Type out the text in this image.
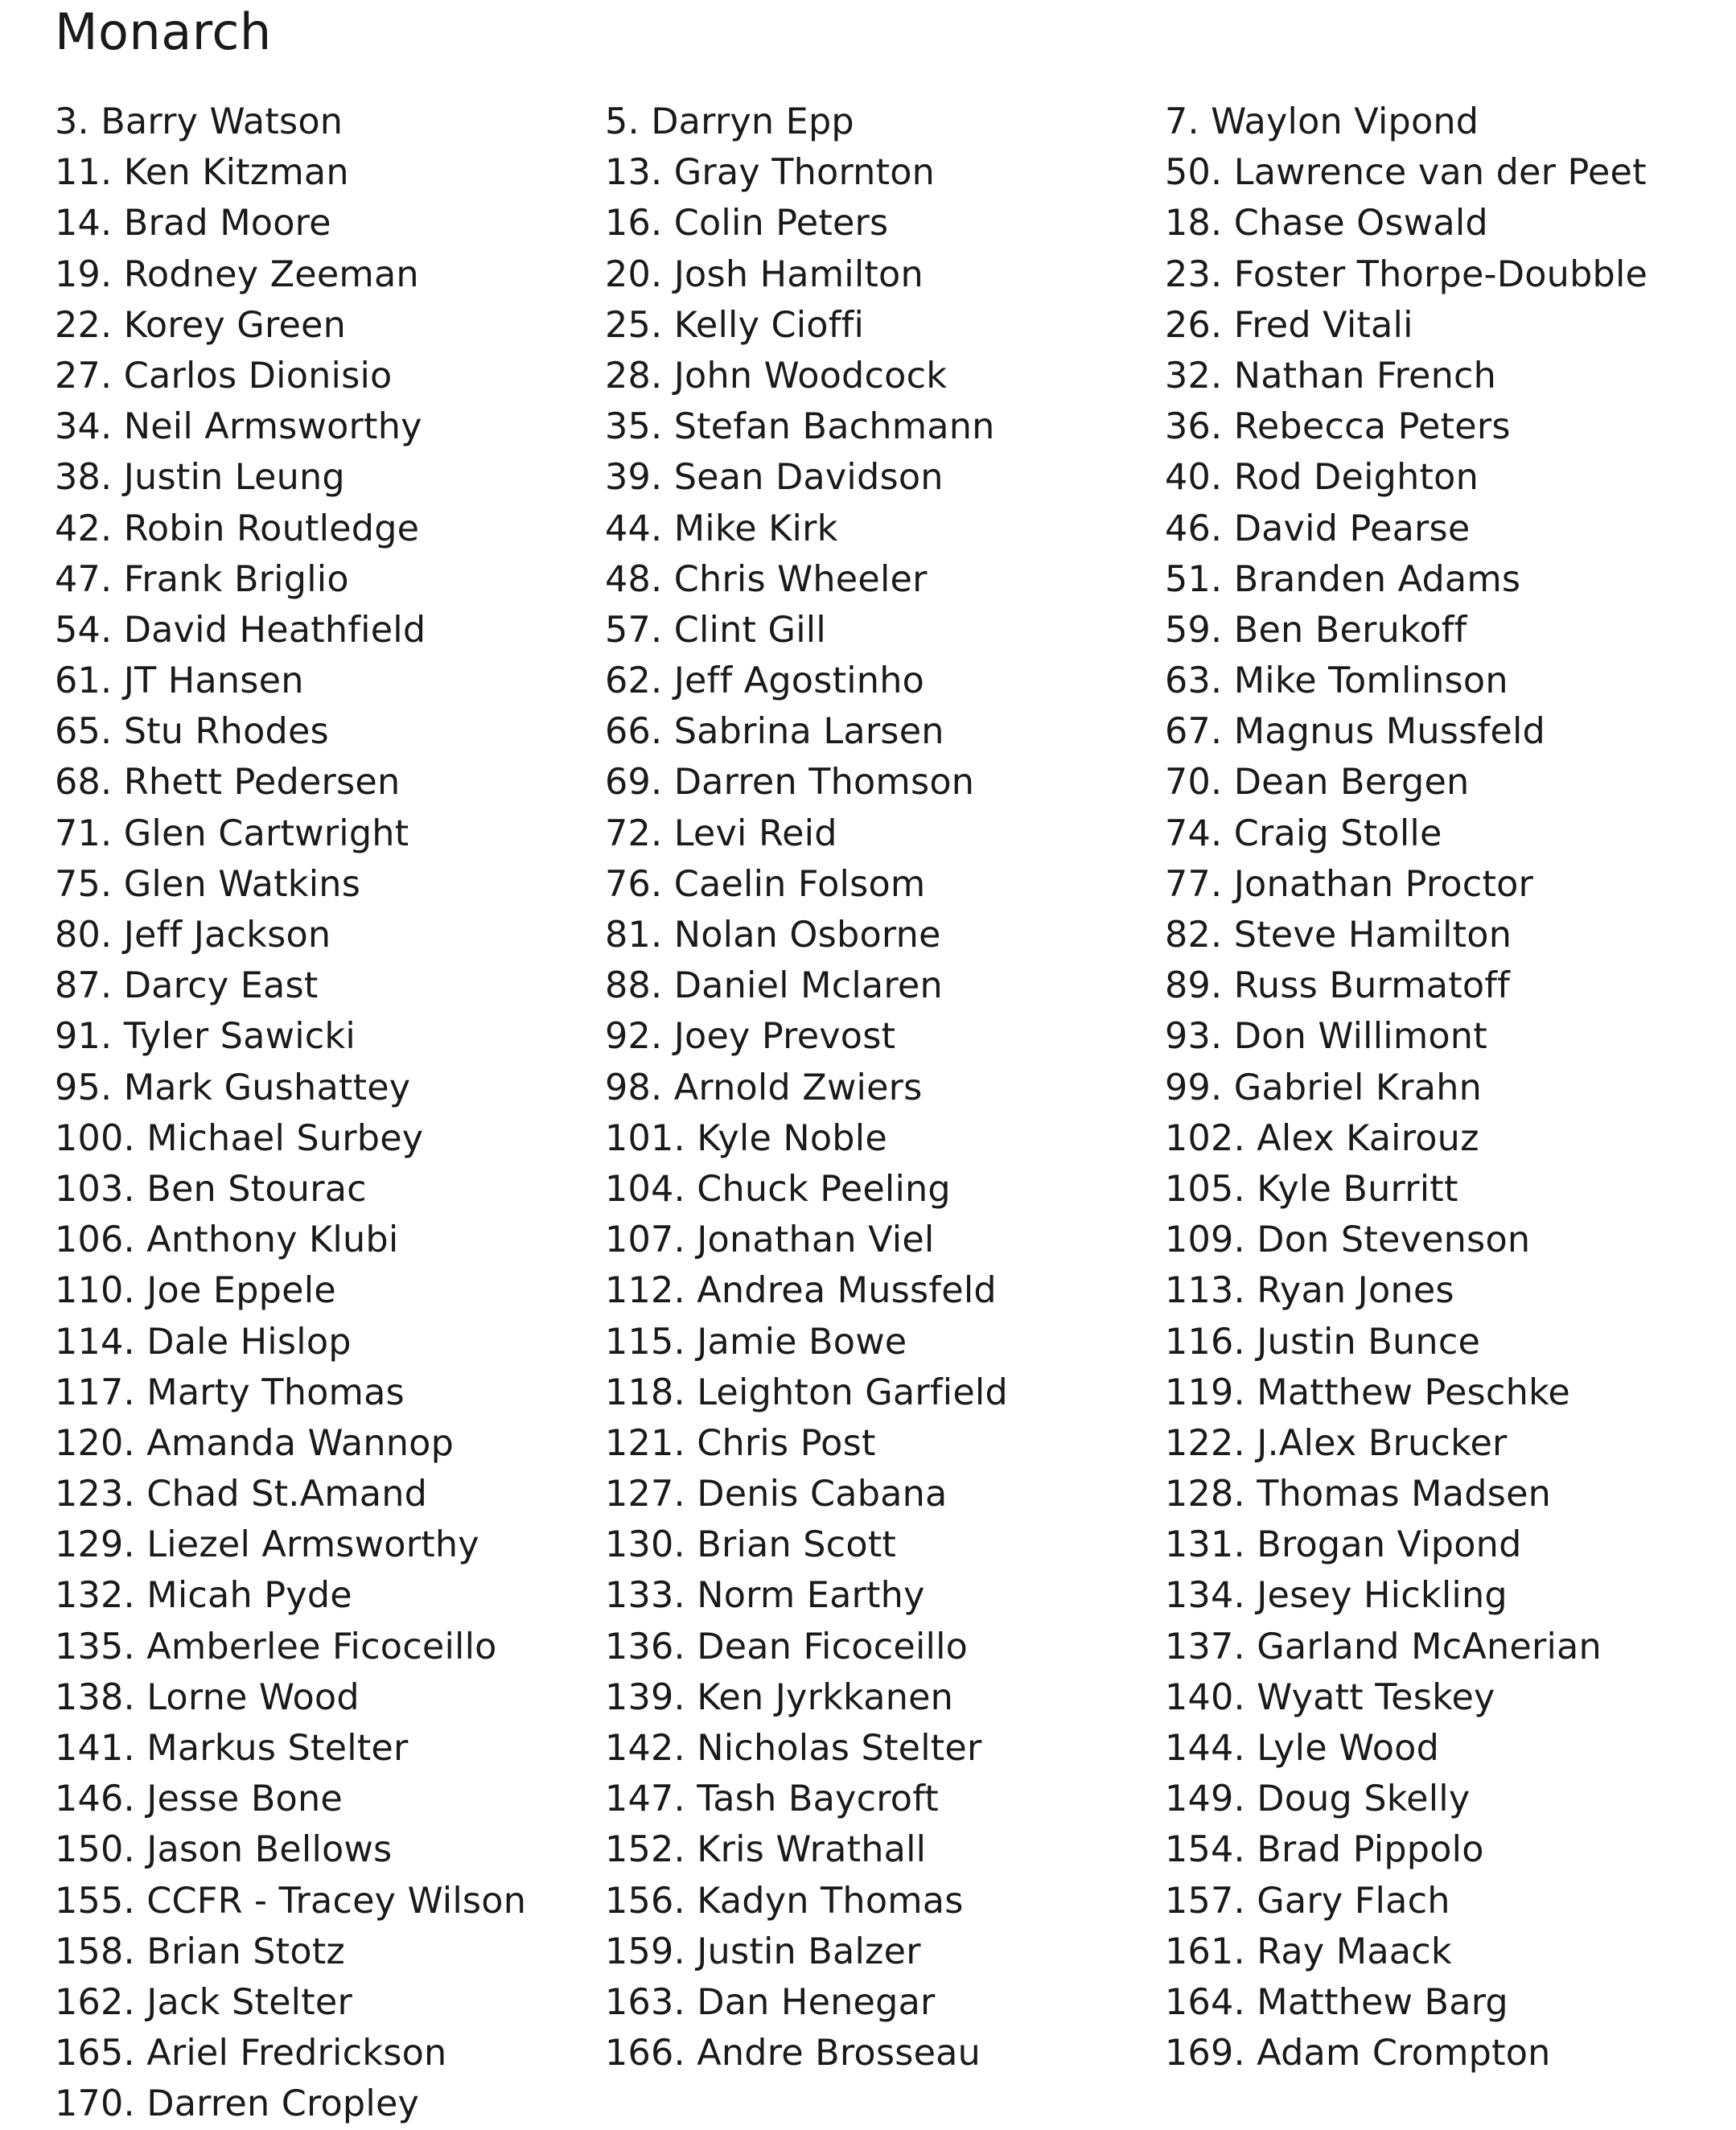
Monarch
3. Barry Watson
11. Ken Kitzman
14. Brad Moore
19. Rodney Zeeman
22. Korey Green
27. Carlos Dionisio
34. Neil Armsworthy
38. Justin Leung
42. Robin Routledge
47. Frank Briglio
54. David Heathfield
61. JT Hansen
65. Stu Rhodes
68. Rhett Pedersen
71. Glen Cartwright
75. Glen Watkins
80. Jeff Jackson
87. Darcy East
91. Tyler Sawicki
95. Mark Gushattey
100. Michael Surbey
103. Ben Stourac
106. Anthony Klubi
110. Joe Eppele
114. Dale Hislop
117. Marty Thomas
120. Amanda Wannop
123. Chad St.Amand
129. Liezel Armsworthy
132. Micah Pyde
135. Amberlee Ficoceillo
138. Lorne Wood
141. Markus Stelter
146. Jesse Bone
150. Jason Bellows
155. CCFR - Tracey Wilson
158. Brian Stotz
162. Jack Stelter
165. Ariel Fredrickson
170. Darren Cropley
5. Darryn Epp
13. Gray Thornton
16. Colin Peters
20. Josh Hamilton
25. Kelly Cioffi
28. John Woodcock
35. Stefan Bachmann
39. Sean Davidson
44. Mike Kirk
48. Chris Wheeler
57. Clint Gill
62. Jeff Agostinho
66. Sabrina Larsen
69. Darren Thomson
72. Levi Reid
76. Caelin Folsom
81. Nolan Osborne
88. Daniel Mclaren
92. Joey Prevost
98. Arnold Zwiers
101. Kyle Noble
104. Chuck Peeling
107. Jonathan Viel
112. Andrea Mussfeld
115. Jamie Bowe
118. Leighton Garfield
121. Chris Post
127. Denis Cabana
130. Brian Scott
133. Norm Earthy
136. Dean Ficoceillo
139. Ken Jyrkkanen
142. Nicholas Stelter
147. Tash Baycroft
152. Kris Wrathall
156. Kadyn Thomas
159. Justin Balzer
163. Dan Henegar
166. Andre Brosseau
7. Waylon Vipond
50. Lawrence van der Peet
18. Chase Oswald
23. Foster Thorpe-Doubble
26. Fred Vitali
32. Nathan French
36. Rebecca Peters
40. Rod Deighton
46. David Pearse
51. Branden Adams
59. Ben Berukoff
63. Mike Tomlinson
67. Magnus Mussfeld
70. Dean Bergen
74. Craig Stolle
77. Jonathan Proctor
82. Steve Hamilton
89. Russ Burmatoff
93. Don Willimont
99. Gabriel Krahn
102. Alex Kairouz
105. Kyle Burritt
109. Don Stevenson
113. Ryan Jones
116. Justin Bunce
119. Matthew Peschke
122. J.Alex Brucker
128. Thomas Madsen
131. Brogan Vipond
134. Jesey Hickling
137. Garland McAnerian
140. Wyatt Teskey
144. Lyle Wood
149. Doug Skelly
154. Brad Pippolo
157. Gary Flach
161. Ray Maack
164. Matthew Barg
169. Adam Crompton
